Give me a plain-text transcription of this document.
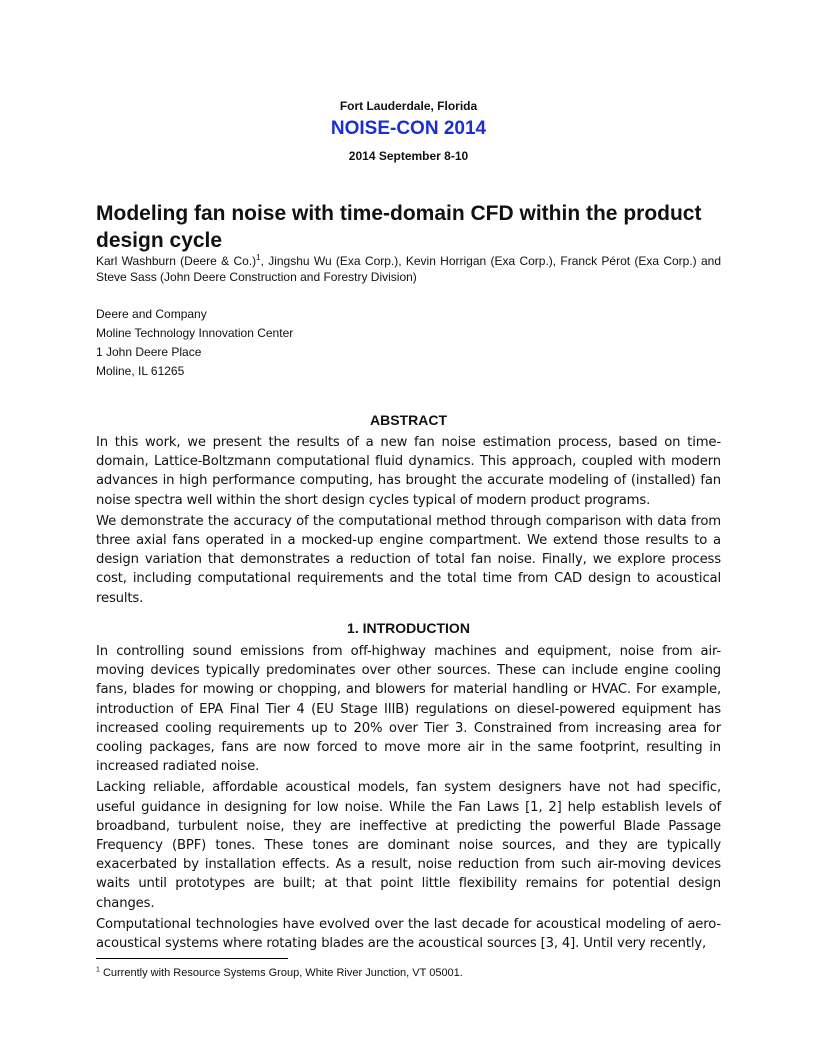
Fort Lauderdale, Florida
NOISE-CON 2014
2014 September 8-10
Modeling fan noise with time-domain CFD within the product design cycle
Karl Washburn (Deere & Co.)$^1$, Jingshu Wu (Exa Corp.), Kevin Horrigan (Exa Corp.), Franck Pérot (Exa Corp.) and Steve Sass (John Deere Construction and Forestry Division)
Deere and Company
Moline Technology Innovation Center
1 John Deere Place
Moline, IL 61265
ABSTRACT

In this work, we present the results of a new fan noise estimation process, based on time-domain, Lattice-Boltzmann computational fluid dynamics. This approach, coupled with modern advances in high performance computing, has brought the accurate modeling of (installed) fan noise spectra well within the short design cycles typical of modern product programs.

We demonstrate the accuracy of the computational method through comparison with data from three axial fans operated in a mocked-up engine compartment. We extend those results to a design variation that demonstrates a reduction of total fan noise. Finally, we explore process cost, including computational requirements and the total time from CAD design to acoustical results.

1. INTRODUCTION

In controlling sound emissions from off-highway machines and equipment, noise from air-moving devices typically predominates over other sources. These can include engine cooling fans, blades for mowing or chopping, and blowers for material handling or HVAC. For example, introduction of EPA Final Tier 4 (EU Stage IIIB) regulations on diesel-powered equipment has increased cooling requirements up to 20% over Tier 3. Constrained from increasing area for cooling packages, fans are now forced to move more air in the same footprint, resulting in increased radiated noise.

Lacking reliable, affordable acoustical models, fan system designers have not had specific, useful guidance in designing for low noise. While the Fan Laws [1, 2] help establish levels of broadband, turbulent noise, they are ineffective at predicting the powerful Blade Passage Frequency (BPF) tones. These tones are dominant noise sources, and they are typically exacerbated by installation effects. As a result, noise reduction from such air-moving devices waits until prototypes are built; at that point little flexibility remains for potential design changes.

Computational technologies have evolved over the last decade for acoustical modeling of aero-acoustical systems where rotating blades are the acoustical sources [3, 4]. Until very recently,

$^1$ Currently with Resource Systems Group, White River Junction, VT 05001.
